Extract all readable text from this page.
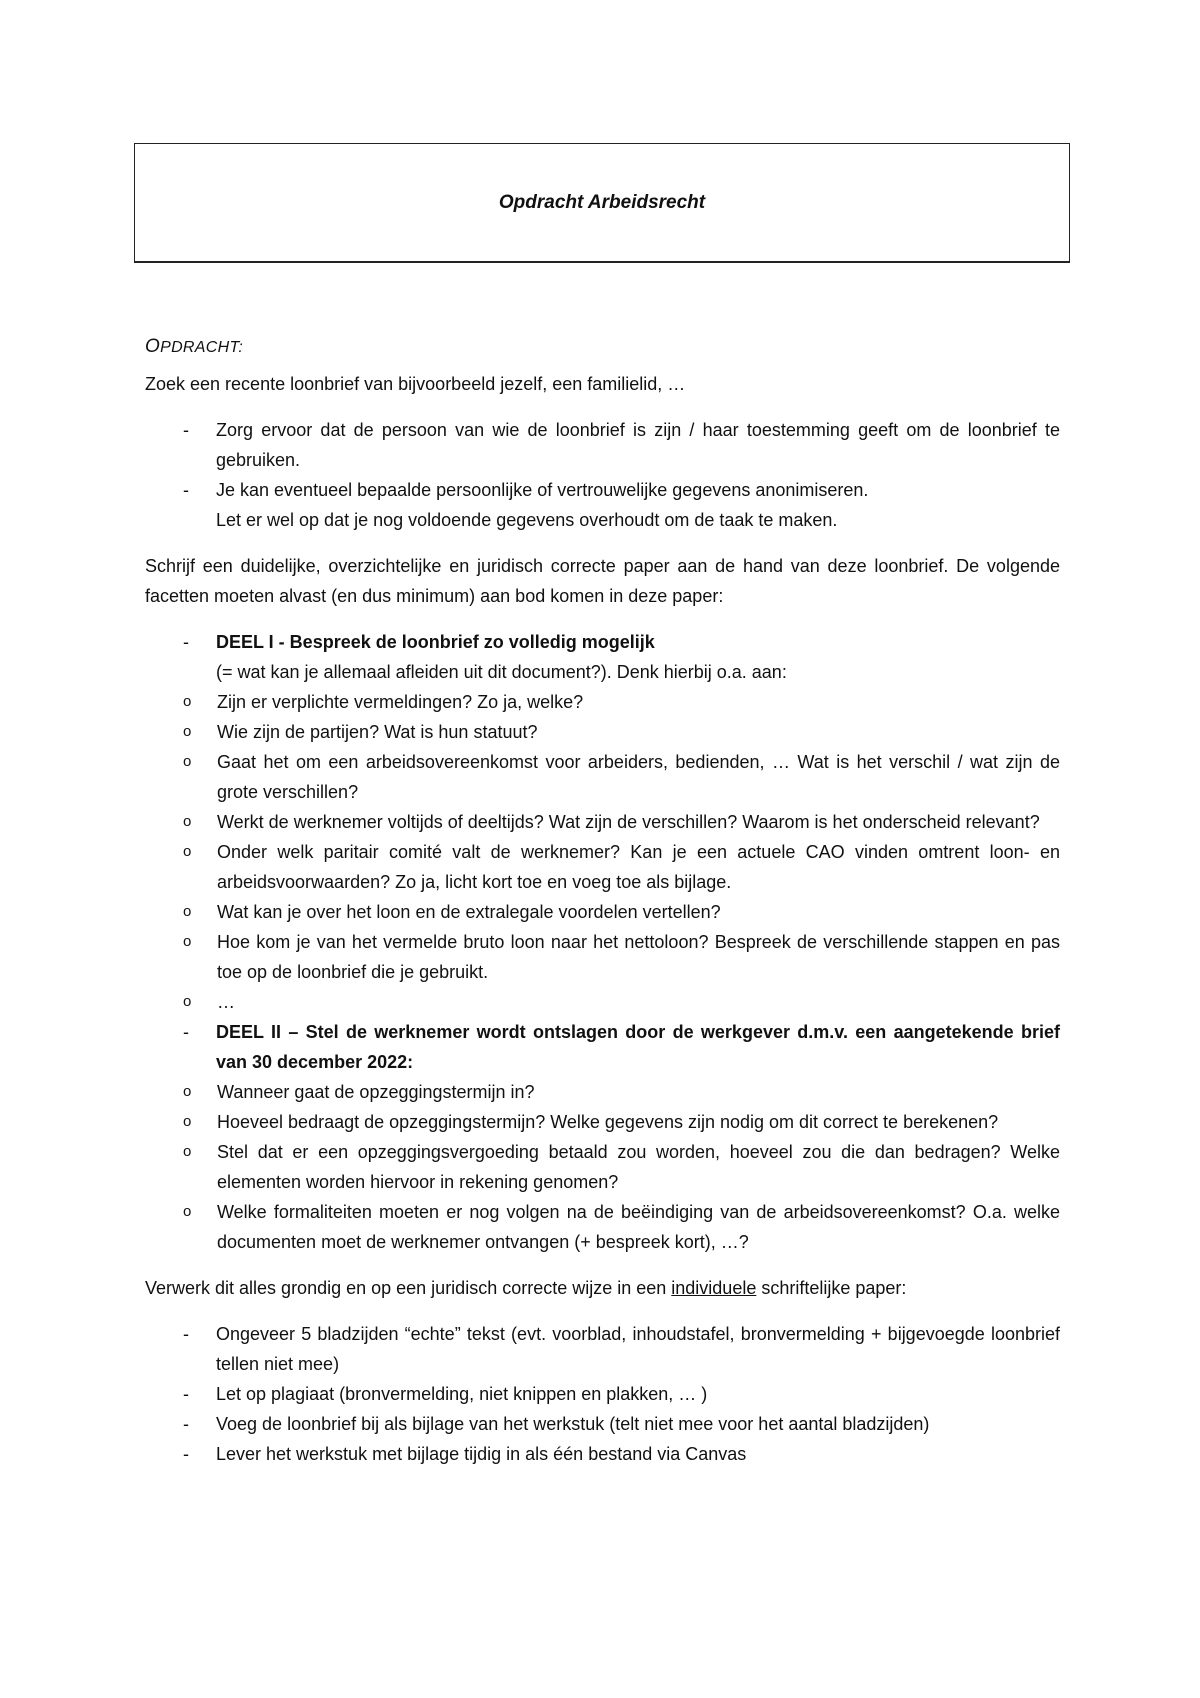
Opdracht Arbeidsrecht

OPDRACHT:

Zoek een recente loonbrief van bijvoorbeeld jezelf, een familielid, …

- Zorg ervoor dat de persoon van wie de loonbrief is zijn / haar toestemming geeft om de loonbrief te gebruiken.
- Je kan eventueel bepaalde persoonlijke of vertrouwelijke gegevens anonimiseren.
Let er wel op dat je nog voldoende gegevens overhoudt om de taak te maken.

Schrijf een duidelijke, overzichtelijke en juridisch correcte paper aan de hand van deze loonbrief. De volgende facetten moeten alvast (en dus minimum) aan bod komen in deze paper:

- DEEL I - Bespreek de loonbrief zo volledig mogelijk
(= wat kan je allemaal afleiden uit dit document?). Denk hierbij o.a. aan:
o Zijn er verplichte vermeldingen? Zo ja, welke?
o Wie zijn de partijen? Wat is hun statuut?
o Gaat het om een arbeidsovereenkomst voor arbeiders, bedienden, … Wat is het verschil / wat zijn de grote verschillen?
o Werkt de werknemer voltijds of deeltijds? Wat zijn de verschillen? Waarom is het onderscheid relevant?
o Onder welk paritair comité valt de werknemer? Kan je een actuele CAO vinden omtrent loon- en arbeidsvoorwaarden? Zo ja, licht kort toe en voeg toe als bijlage.
o Wat kan je over het loon en de extralegale voordelen vertellen?
o Hoe kom je van het vermelde bruto loon naar het nettoloon? Bespreek de verschillende stappen en pas toe op de loonbrief die je gebruikt.
o …
- DEEL II – Stel de werknemer wordt ontslagen door de werkgever d.m.v. een aangetekende brief van 30 december 2022:
o Wanneer gaat de opzeggingstermijn in?
o Hoeveel bedraagt de opzeggingstermijn? Welke gegevens zijn nodig om dit correct te berekenen?
o Stel dat er een opzeggingsvergoeding betaald zou worden, hoeveel zou die dan bedragen? Welke elementen worden hiervoor in rekening genomen?
o Welke formaliteiten moeten er nog volgen na de beëindiging van de arbeidsovereenkomst? O.a. welke documenten moet de werknemer ontvangen (+ bespreek kort), …?

Verwerk dit alles grondig en op een juridisch correcte wijze in een individuele schriftelijke paper:

- Ongeveer 5 bladzijden “echte” tekst (evt. voorblad, inhoudstafel, bronvermelding + bijgevoegde loonbrief tellen niet mee)
- Let op plagiaat (bronvermelding, niet knippen en plakken, … )
- Voeg de loonbrief bij als bijlage van het werkstuk (telt niet mee voor het aantal bladzijden)
- Lever het werkstuk met bijlage tijdig in als één bestand via Canvas
